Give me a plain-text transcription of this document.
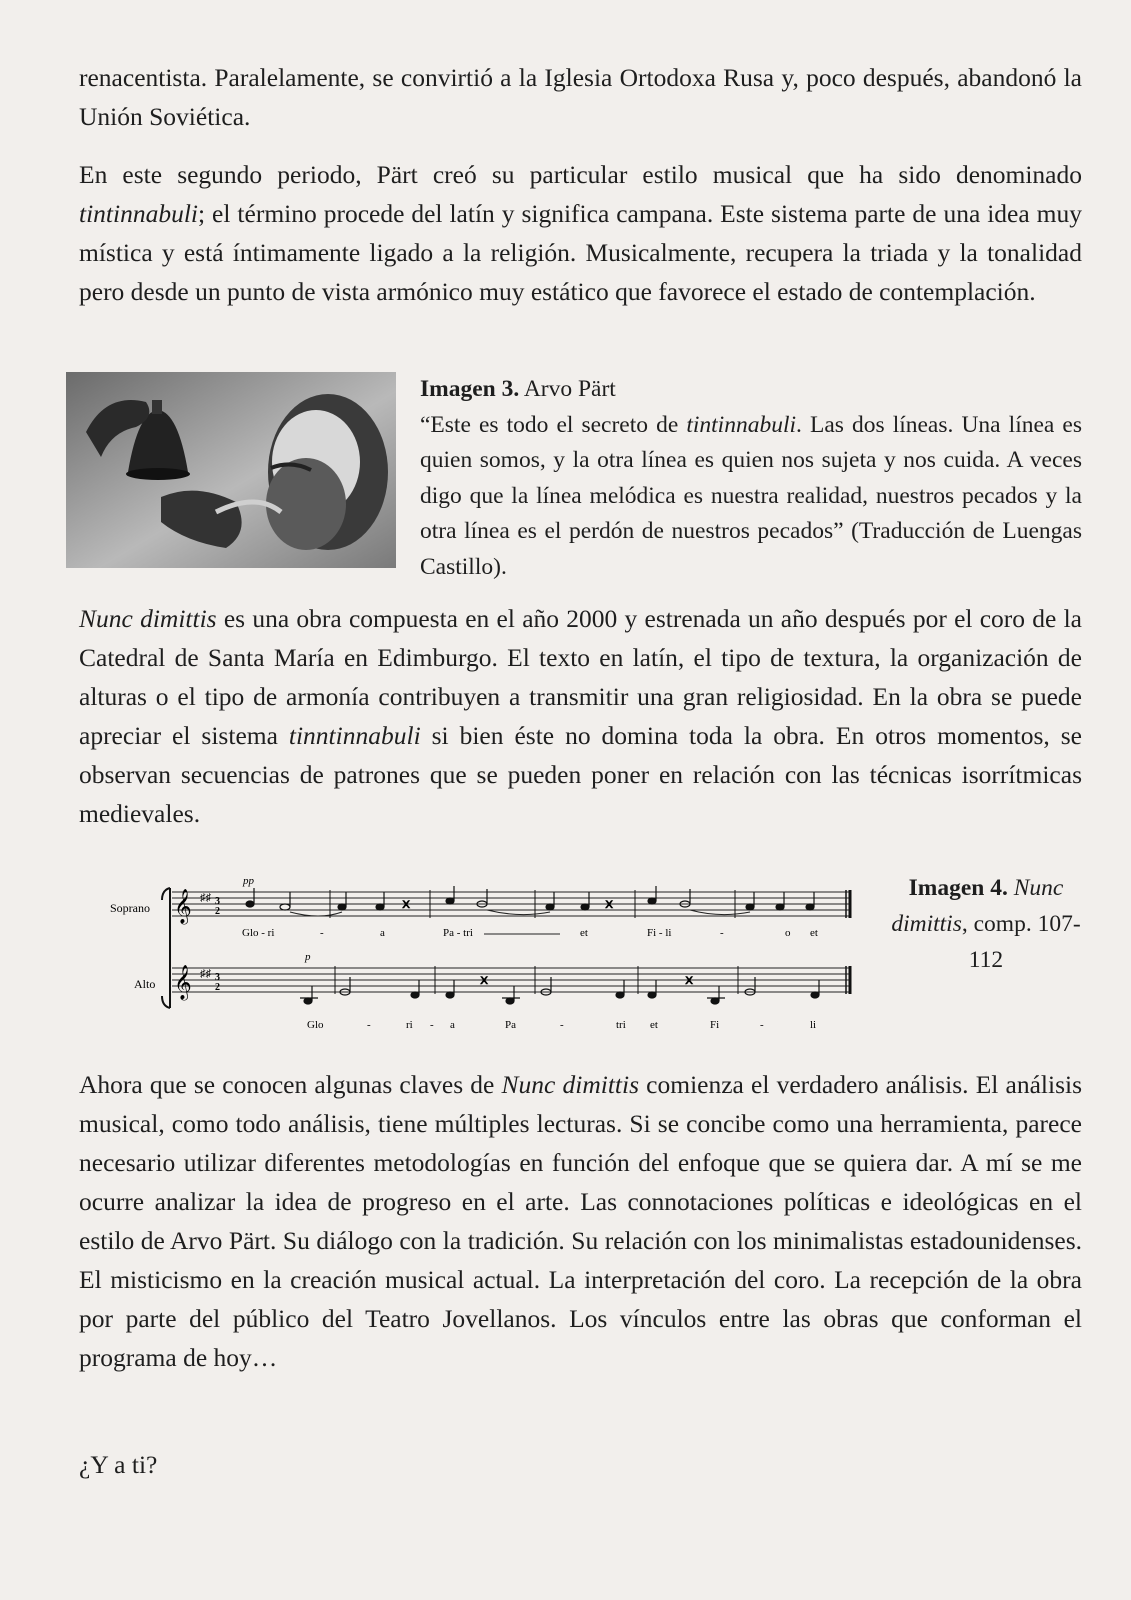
renacentista. Paralelamente, se convirtió a la Iglesia Ortodoxa Rusa y, poco después, abandonó la Unión Soviética.

En este segundo periodo, Pärt creó su particular estilo musical que ha sido denominado tintinnabuli; el término procede del latín y significa campana. Este sistema parte de una idea muy mística y está íntimamente ligado a la religión. Musicalmente, recupera la triada y la tonalidad pero desde un punto de vista armónico muy estático que favorece el estado de contemplación.

Imagen 3. Arvo Pärt
“Este es todo el secreto de tintinnabuli. Las dos líneas. Una línea es quien somos, y la otra línea es quien nos sujeta y nos cuida. A veces digo que la línea melódica es nuestra realidad, nuestros pecados y la otra línea es el perdón de nuestros pecados” (Traducción de Luengas Castillo).

Nunc dimittis es una obra compuesta en el año 2000 y estrenada un año después por el coro de la Catedral de Santa María en Edimburgo. El texto en latín, el tipo de textura, la organización de alturas o el tipo de armonía contribuyen a transmitir una gran religiosidad. En la obra se puede apreciar el sistema tinntinnabuli si bien éste no domina toda la obra. En otros momentos, se observan secuencias de patrones que se pueden poner en relación con las técnicas isorrítmicas medievales.

Soprano
Alto
𝄞 ♯♯ 3
2
pp
ⅹ	ⅹ
Glo - ri	-	a	Pa - tri	et	Fi - li	-	o et
𝄞 ♯♯ 3
2
p
ⅹ	ⅹ
Glo	-	ri - a	Pa	-	tri et	Fi	-	li

Imagen 4. Nunc dimittis, comp. 107-112

Ahora que se conocen algunas claves de Nunc dimittis comienza el verdadero análisis. El análisis musical, como todo análisis, tiene múltiples lecturas. Si se concibe como una herramienta, parece necesario utilizar diferentes metodologías en función del enfoque que se quiera dar. A mí se me ocurre analizar la idea de progreso en el arte. Las connotaciones políticas e ideológicas en el estilo de Arvo Pärt. Su diálogo con la tradición. Su relación con los minimalistas estadounidenses. El misticismo en la creación musical actual. La interpretación del coro. La recepción de la obra por parte del público del Teatro Jovellanos. Los vínculos entre las obras que conforman el programa de hoy…

¿Y a ti?
